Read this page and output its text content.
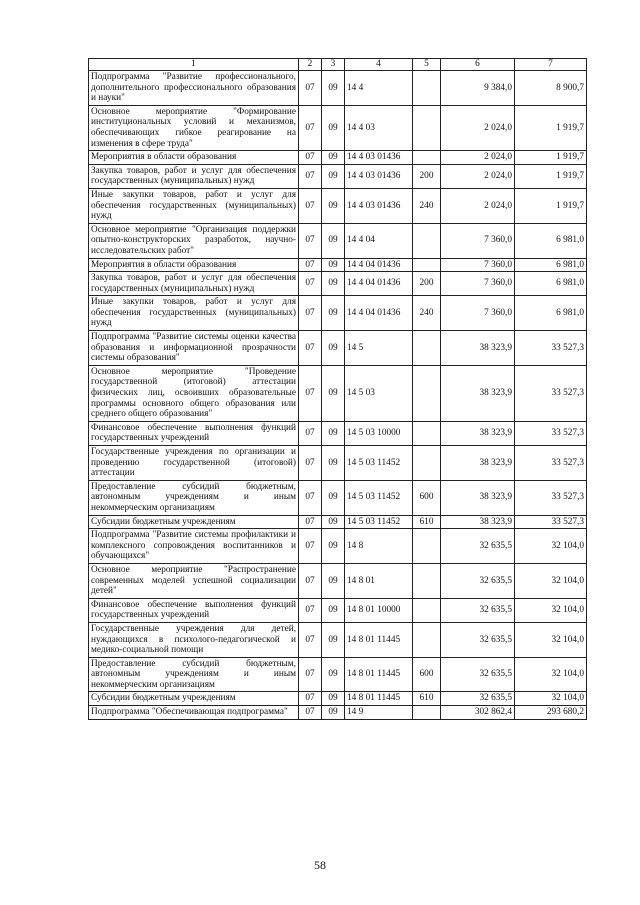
1	2	3	4	5	6	7
Подпрограмма "Развитие профессионального, дополнительного профессионального образования и науки"	07	09	14 4		9 384,0	8 900,7
Основное мероприятие "Формирование институциональных условий и механизмов, обеспечивающих гибкое реагирование на изменения в сфере труда"	07	09	14 4 03		2 024,0	1 919,7
Мероприятия в области образования	07	09	14 4 03 01436		2 024,0	1 919,7
Закупка товаров, работ и услуг для обеспечения государственных (муниципальных) нужд	07	09	14 4 03 01436	200	2 024,0	1 919,7
Иные закупки товаров, работ и услуг для обеспечения государственных (муниципальных) нужд	07	09	14 4 03 01436	240	2 024,0	1 919,7
Основное мероприятие "Организация поддержки опытно-конструкторских разработок, научно-исследовательских работ"	07	09	14 4 04		7 360,0	6 981,0
Мероприятия в области образования	07	09	14 4 04 01436		7 360,0	6 981,0
Закупка товаров, работ и услуг для обеспечения государственных (муниципальных) нужд	07	09	14 4 04 01436	200	7 360,0	6 981,0
Иные закупки товаров, работ и услуг для обеспечения государственных (муниципальных) нужд	07	09	14 4 04 01436	240	7 360,0	6 981,0
Подпрограмма "Развитие системы оценки качества образования и информационной прозрачности системы образования"	07	09	14 5		38 323,9	33 527,3
Основное мероприятие "Проведение государственной (итоговой) аттестации физических лиц, освоивших образовательные программы основного общего образования или среднего общего образования"	07	09	14 5 03		38 323,9	33 527,3
Финансовое обеспечение выполнения функций государственных учреждений	07	09	14 5 03 10000		38 323,9	33 527,3
Государственные учреждения по организации и проведению государственной (итоговой) аттестации	07	09	14 5 03 11452		38 323,9	33 527,3
Предоставление субсидий бюджетным, автономным учреждениям и иным некоммерческим организациям	07	09	14 5 03 11452	600	38 323,9	33 527,3
Субсидии бюджетным учреждениям	07	09	14 5 03 11452	610	38 323,9	33 527,3
Подпрограмма "Развитие системы профилактики и комплексного сопровождения воспитанников и обучающихся"	07	09	14 8		32 635,5	32 104,0
Основное мероприятие "Распространение современных моделей успешной социализации детей"	07	09	14 8 01		32 635,5	32 104,0
Финансовое обеспечение выполнения функций государственных учреждений	07	09	14 8 01 10000		32 635,5	32 104,0
Государственные учреждения для детей, нуждающихся в психолого-педагогической и медико-социальной помощи	07	09	14 8 01 11445		32 635,5	32 104,0
Предоставление субсидий бюджетным, автономным учреждениям и иным некоммерческим организациям	07	09	14 8 01 11445	600	32 635,5	32 104,0
Субсидии бюджетным учреждениям	07	09	14 8 01 11445	610	32 635,5	32 104,0
Подпрограмма "Обеспечивающая подпрограмма"	07	09	14 9		302 862,4	293 680,2
58
